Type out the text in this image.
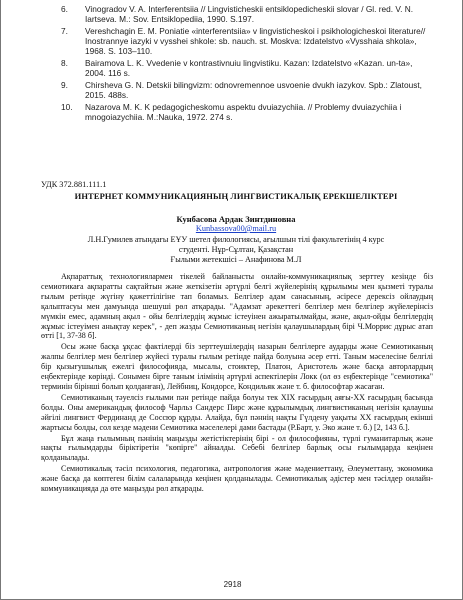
6.	Vinogradov V. A. Interferentsiia // Lingvisticheskii entsiklopedicheskii slovar / Gl. red. V. N. Iartseva. M.: Sov. Entsiklopediia, 1990. S.197.
7.	Vereshchagin E. M. Poniatie «interferentsiia» v lingvisticheskoi i psikhologicheskoi literature// Inostrannye iazyki v vysshei shkole: sb. nauch. st. Moskva: Izdatelstvo «Vysshaia shkola», 1968. S. 103–110.
8.	Bairamova L. K. Vvedenie v kontrastivnuiu lingvistiku. Kazan: Izdatelstvo «Kazan. un-ta», 2004. 116 s.
9.	Chirsheva G. N. Detskii bilingvizm: odnovremennoe usvoenie dvukh iazykov. Spb.: Zlatoust, 2015. 488s.
10.	Nazarova M. K. K pedagogicheskomu aspektu dvuiazychiia. // Problemy dvuiazychiia i mnogoiazychiia. M.:Nauka, 1972. 274 s.
УДК 372.881.111.1
ИНТЕРНЕТ КОММУНИКАЦИЯНЫҢ ЛИНГВИСТИКАЛЫҚ ЕРЕКШЕЛІКТЕРІ
Кунбасова Ардак Зинтдиновна
Kunbassova00@mail.ru
Л.Н.Гумилев атындағы ЕҰУ шетел филологиясы, ағылшын тілі факультетінің 4 курс
студенті. Нұр-Сұлтан, Қазақстан
Ғылыми жетекшісі – Анафинова М.Л

Ақпараттық технологиялармен тікелей байланысты онлайн-коммуникациялық зерттеу кезінде біз семиотикаға ақпаратты сақтайтын және жеткізетін әртүрлі белгі жүйелерінің құрылымы мен қызметі туралы ғылым ретінде жүгіну қажеттілігіне тап боламыз. Белгілер адам санасының, әсіресе дерексіз ойлаудың қалыптасуы мен дамуында шешуші рөл атқарады. "Адамзат әрекеттегі белгілер мен белгілер жүйелерінсіз мүмкін емес, адамның ақыл - ойы белгілердің жұмыс істеуінен ажыратылмайды, және, ақыл-ойды белгілердің жұмыс істеуімен анықтау керек", - деп жазды Семиотиканың негізін қалаушылардың бірі Ч.Моррис дұрыс атап өтті [1, 37-38 б].

Осы және басқа ұқсас фактілерді біз зерттеушілердің назарын белгілерге аударды және Семиотиканың жалпы белгілер мен белгілер жүйесі туралы ғылым ретінде пайда болуына әсер етті. Таным мәселесіне белгілі бір қызығушылық ежелгі философияда, мысалы, стоиктер, Платон, Аристотель және басқа авторлардың еңбектерінде көрінді. Сонымен бірге таным ілімінің әртүрлі аспектілерін Локк (ол өз еңбектерінде "семиотика" терминін бірінші болып қолданған), Лейбниц, Кондорсе, Кондильяк және т. б. философтар жасаған.

Семиотиканың тәуелсіз ғылыми пән ретінде пайда болуы тек XIX ғасырдың аяғы-XX ғасырдың басында болды. Оны американдық философ Чарльз Сандерс Пирс және құрылымдық лингвистиканың негізін қалаушы әйгілі лингвист Фердинанд де Соссюр құрды. Алайда, бұл пәннің нақты Гүлдену уақыты XX ғасырдың екінші жартысы болды, сол кезде мәдени Семиотика мәселелері дами бастады (Р.Барт, у. Эко және т. б.) [2, 143 б.].

Бұл жаңа ғылымның пәнінің маңызды жетістіктерінің бірі - ол философияны, түрлі гуманитарлық және нақты ғылымдарды біріктіретін "көпірге" айналды. Себебі белгілер барлық осы ғылымдарда кеңінен қолданылады.

Семиотикалық тәсіл психология, педагогика, антропология және мәдениеттану, Әлеуметтану, экономика және басқа да көптеген білім салаларында кеңінен қолданылады. Семиотикалық әдістер мен тәсілдер онлайн-коммуникацияда да өте маңызды рөл атқарады.

2918
